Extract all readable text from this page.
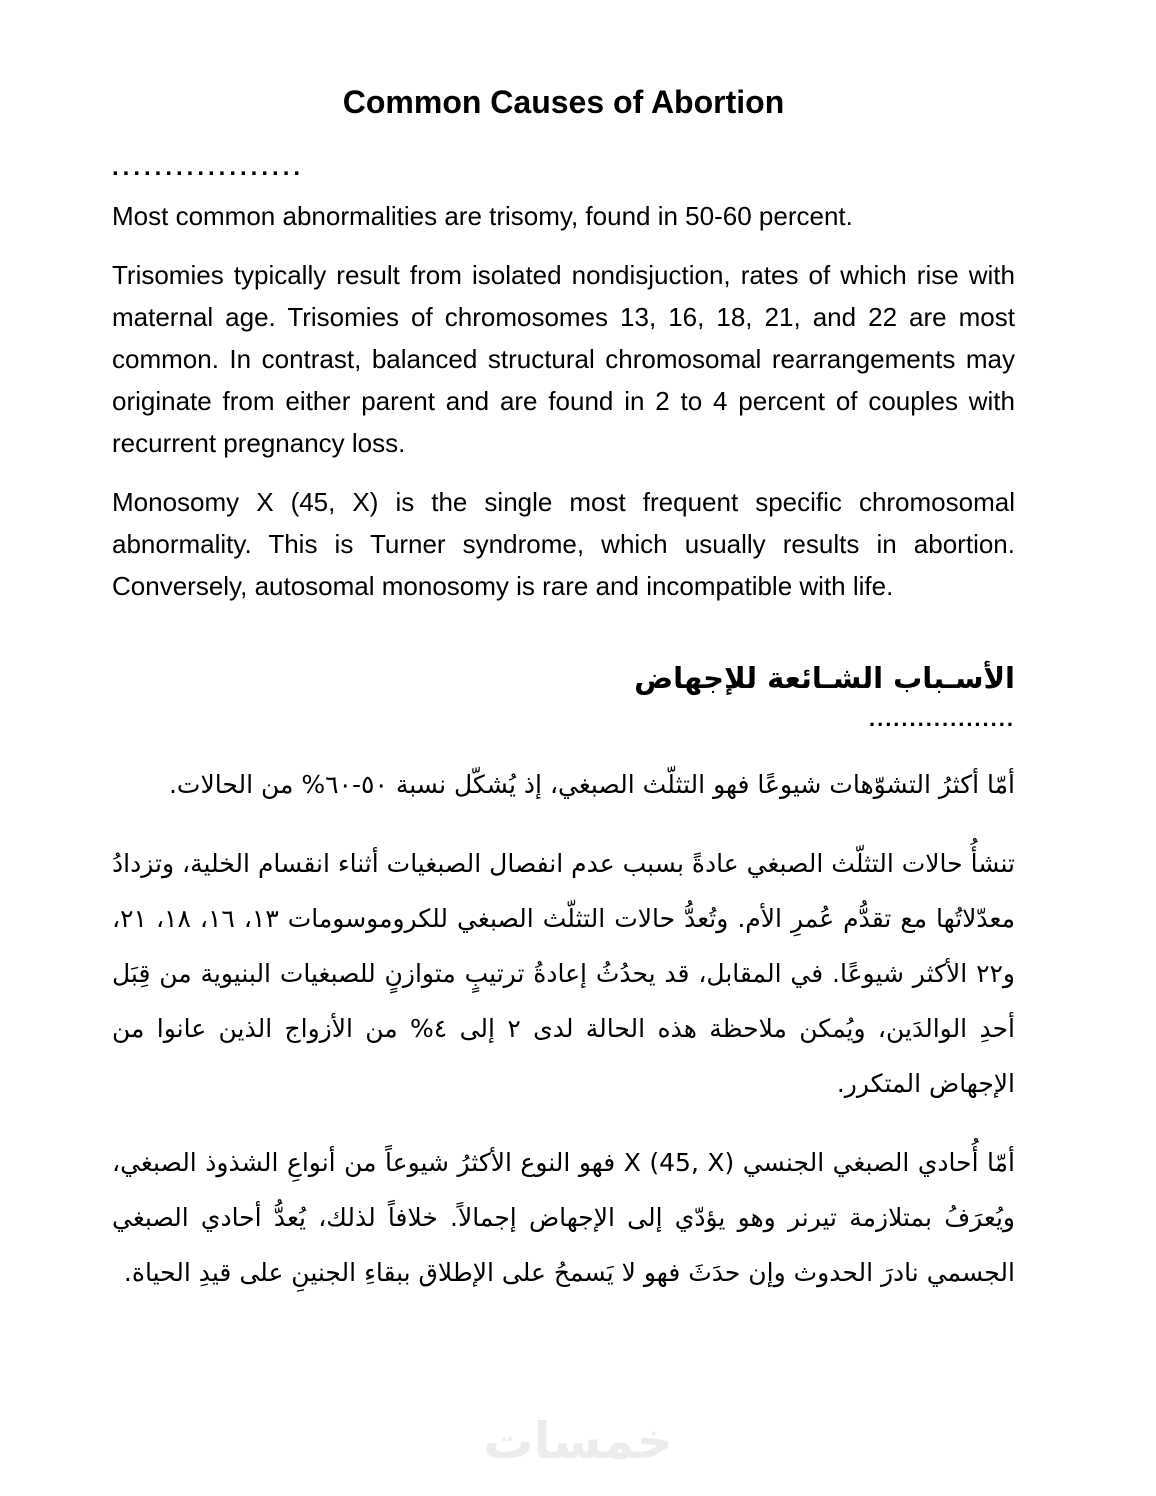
Common Causes of Abortion
..................

Most common abnormalities are trisomy, found in 50-60 percent.

Trisomies typically result from isolated nondisjuction, rates of which rise with maternal age. Trisomies of chromosomes 13, 16, 18, 21, and 22 are most common. In contrast, balanced structural chromosomal rearrangements may originate from either parent and are found in 2 to 4 percent of couples with recurrent pregnancy loss.

Monosomy X (45, X) is the single most frequent specific chromosomal abnormality. This is Turner syndrome, which usually results in abortion. Conversely, autosomal monosomy is rare and incompatible with life.

الأسـباب الشـائعة للإجهاض
..................

أمّا أكثرُ التشوّهات شيوعًا فهو التثلّث الصبغي، إذ يُشكّل نسبة ٥٠-٦٠% من الحالات.

تنشأُ حالات التثلّث الصبغي عادةً بسبب عدم انفصال الصبغيات أثناء انقسام الخلية، وتزدادُ معدّلاتُها مع تقدُّم عُمرِ الأم. وتُعدُّ حالات التثلّث الصبغي للكروموسومات ١٣، ١٦، ١٨، ٢١، و٢٢ الأكثر شيوعًا. في المقابل، قد يحدُثُ إعادةُ ترتيبٍ متوازنٍ للصبغيات البنيوية من قِبَل أحدِ الوالدَين، ويُمكن ملاحظة هذه الحالة لدى ٢ إلى ٤% من الأزواج الذين عانوا من الإجهاض المتكرر.

أمّا أُحادي الصبغي الجنسي X (45, X) فهو النوع الأكثرُ شيوعاً من أنواعِ الشذوذ الصبغي، ويُعرَفُ بمتلازمة تيرنر وهو يؤدّي إلى الإجهاض إجمالاً. خلافاً لذلك، يُعدُّ أحادي الصبغي الجسمي نادرَ الحدوث وإن حدَثَ فهو لا يَسمحُ على الإطلاق ببقاءِ الجنينِ على قيدِ الحياة.

خمسات
